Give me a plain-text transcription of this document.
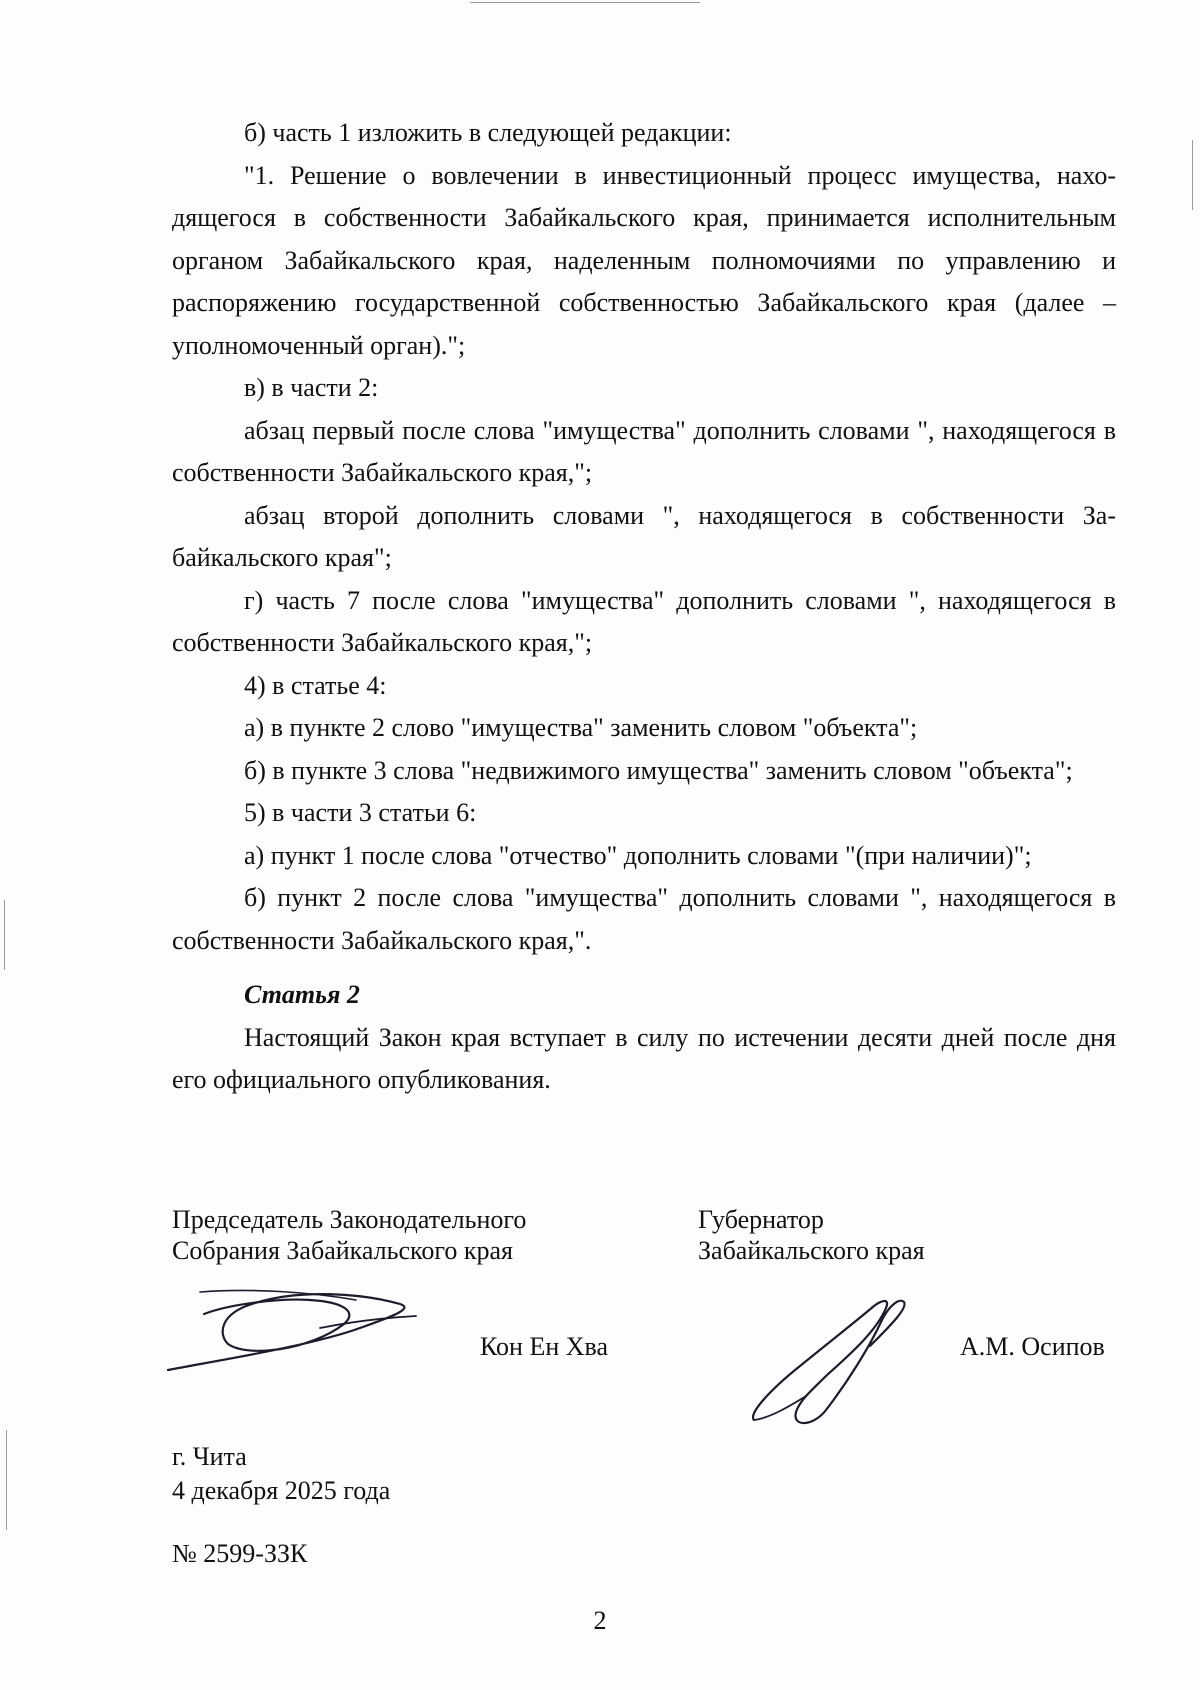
б) часть 1 изложить в следующей редакции:

"1. Решение о вовлечении в инвестиционный процесс имущества, находящегося в собственности Забайкальского края, принимается исполнительным органом Забайкальского края, наделенным полномочиями по управлению и распоряжению государственной собственностью Забайкальского края (далее – уполномоченный орган).";

в) в части 2:

абзац первый после слова "имущества" дополнить словами ", находящегося в собственности Забайкальского края,";

абзац второй дополнить словами ", находящегося в собственности Забайкальского края";

г) часть 7 после слова "имущества" дополнить словами ", находящегося в собственности Забайкальского края,";

4) в статье 4:

а) в пункте 2 слово "имущества" заменить словом "объекта";

б) в пункте 3 слова "недвижимого имущества" заменить словом "объекта";

5) в части 3 статьи 6:

а) пункт 1 после слова "отчество" дополнить словами "(при наличии)";

б) пункт 2 после слова "имущества" дополнить словами ", находящегося в собственности Забайкальского края,".

Статья 2

Настоящий Закон края вступает в силу по истечении десяти дней после дня его официального опубликования.

Председатель Законодательного
Собрания Забайкальского края
Кон Ен Хва
Губернатор
Забайкальского края
А.М. Осипов
г. Чита
4 декабря 2025 года
№ 2599-ЗЗК
2
